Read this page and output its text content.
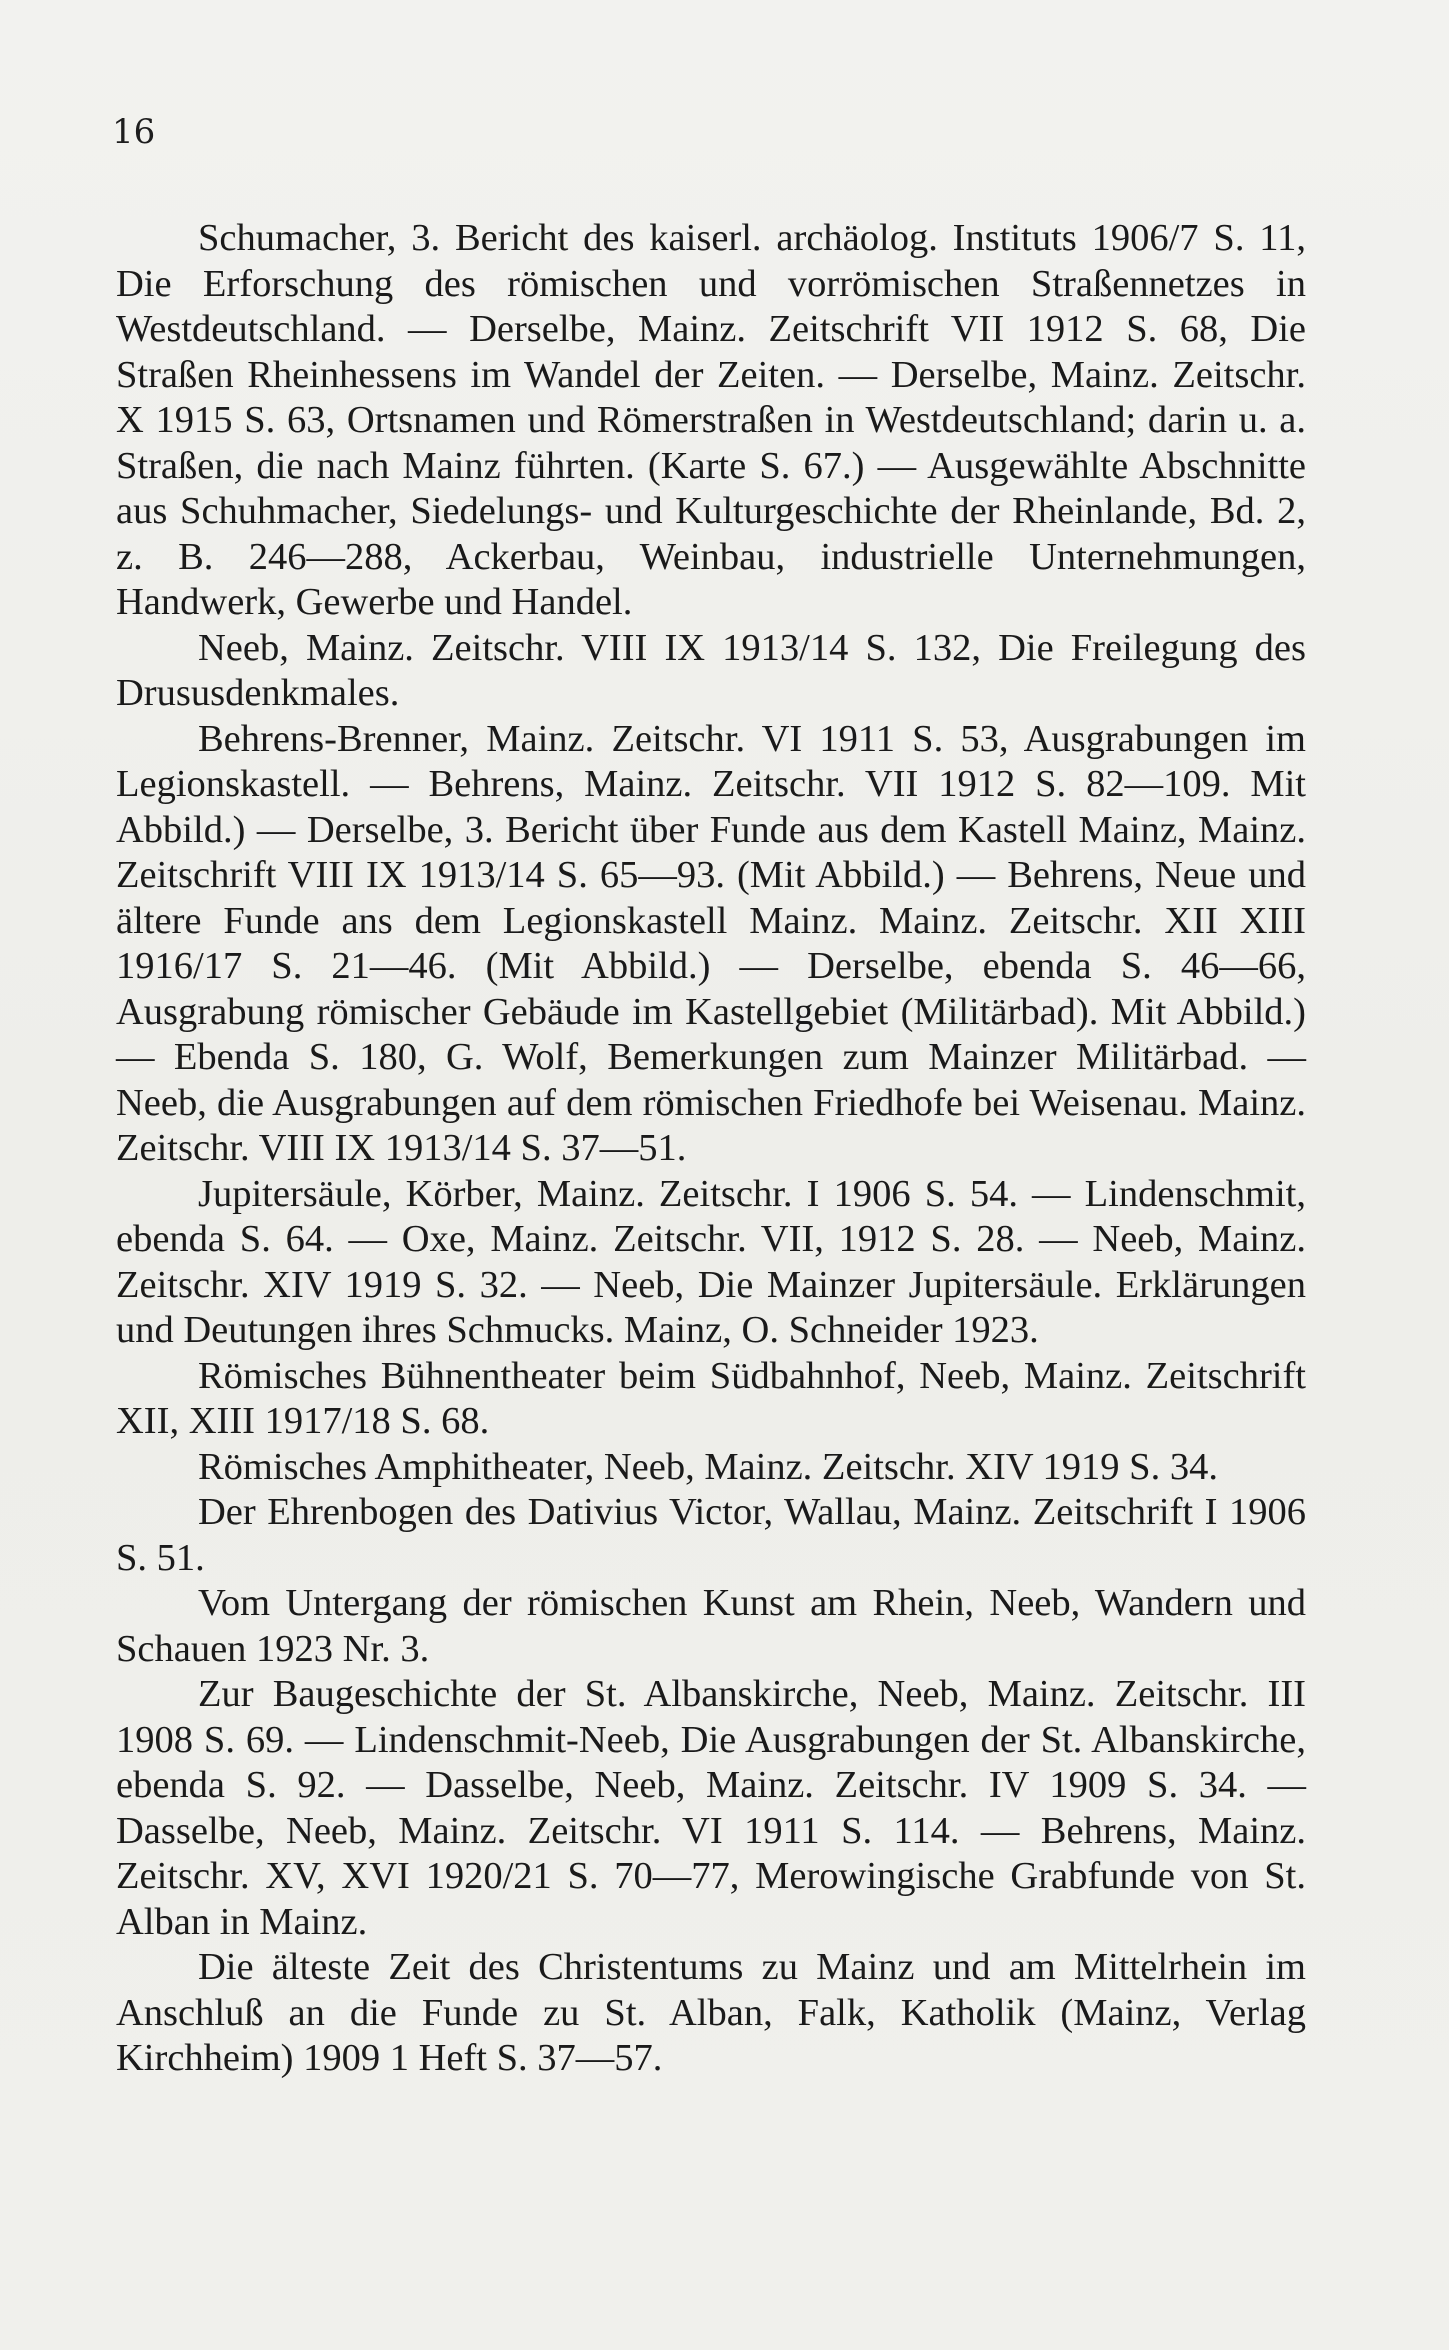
16

Schumacher, 3. Bericht des kaiserl. archäolog. Instituts 1906/7 S. 11, Die Erforschung des römischen und vorrömischen Straßennetzes in Westdeutschland. — Derselbe, Mainz. Zeitschrift VII 1912 S. 68, Die Straßen Rheinhessens im Wandel der Zeiten. — Derselbe, Mainz. Zeitschr. X 1915 S. 63, Ortsnamen und Römerstraßen in Westdeutschland; darin u. a. Straßen, die nach Mainz führten. (Karte S. 67.) — Ausgewählte Abschnitte aus Schuhmacher, Siedelungs- und Kulturgeschichte der Rheinlande, Bd. 2, z. B. 246—288, Ackerbau, Weinbau, industrielle Unternehmungen, Handwerk, Gewerbe und Handel.

Neeb, Mainz. Zeitschr. VIII IX 1913/14 S. 132, Die Freilegung des Drususdenkmales.

Behrens-Brenner, Mainz. Zeitschr. VI 1911 S. 53, Ausgrabungen im Legionskastell. — Behrens, Mainz. Zeitschr. VII 1912 S. 82—109. Mit Abbild.) — Derselbe, 3. Bericht über Funde aus dem Kastell Mainz, Mainz. Zeitschrift VIII IX 1913/14 S. 65—93. (Mit Abbild.) — Behrens, Neue und ältere Funde ans dem Legionskastell Mainz. Mainz. Zeitschr. XII XIII 1916/17 S. 21—46. (Mit Abbild.) — Derselbe, ebenda S. 46—66, Ausgrabung römischer Gebäude im Kastellgebiet (Militärbad). Mit Abbild.) — Ebenda S. 180, G. Wolf, Bemerkungen zum Mainzer Militärbad. — Neeb, die Ausgrabungen auf dem römischen Friedhofe bei Weisenau. Mainz. Zeitschr. VIII IX 1913/14 S. 37—51.

Jupitersäule, Körber, Mainz. Zeitschr. I 1906 S. 54. — Lindenschmit, ebenda S. 64. — Oxe, Mainz. Zeitschr. VII, 1912 S. 28. — Neeb, Mainz. Zeitschr. XIV 1919 S. 32. — Neeb, Die Mainzer Jupitersäule. Erklärungen und Deutungen ihres Schmucks. Mainz, O. Schneider 1923.

Römisches Bühnentheater beim Südbahnhof, Neeb, Mainz. Zeitschrift XII, XIII 1917/18 S. 68.

Römisches Amphitheater, Neeb, Mainz. Zeitschr. XIV 1919 S. 34.

Der Ehrenbogen des Dativius Victor, Wallau, Mainz. Zeitschrift I 1906 S. 51.

Vom Untergang der römischen Kunst am Rhein, Neeb, Wandern und Schauen 1923 Nr. 3.

Zur Baugeschichte der St. Albanskirche, Neeb, Mainz. Zeitschr. III 1908 S. 69. — Lindenschmit-Neeb, Die Ausgrabungen der St. Albanskirche, ebenda S. 92. — Dasselbe, Neeb, Mainz. Zeitschr. IV 1909 S. 34. — Dasselbe, Neeb, Mainz. Zeitschr. VI 1911 S. 114. — Behrens, Mainz. Zeitschr. XV, XVI 1920/21 S. 70—77, Merowingische Grabfunde von St. Alban in Mainz.

Die älteste Zeit des Christentums zu Mainz und am Mittelrhein im Anschluß an die Funde zu St. Alban, Falk, Katholik (Mainz, Verlag Kirchheim) 1909 1 Heft S. 37—57.
